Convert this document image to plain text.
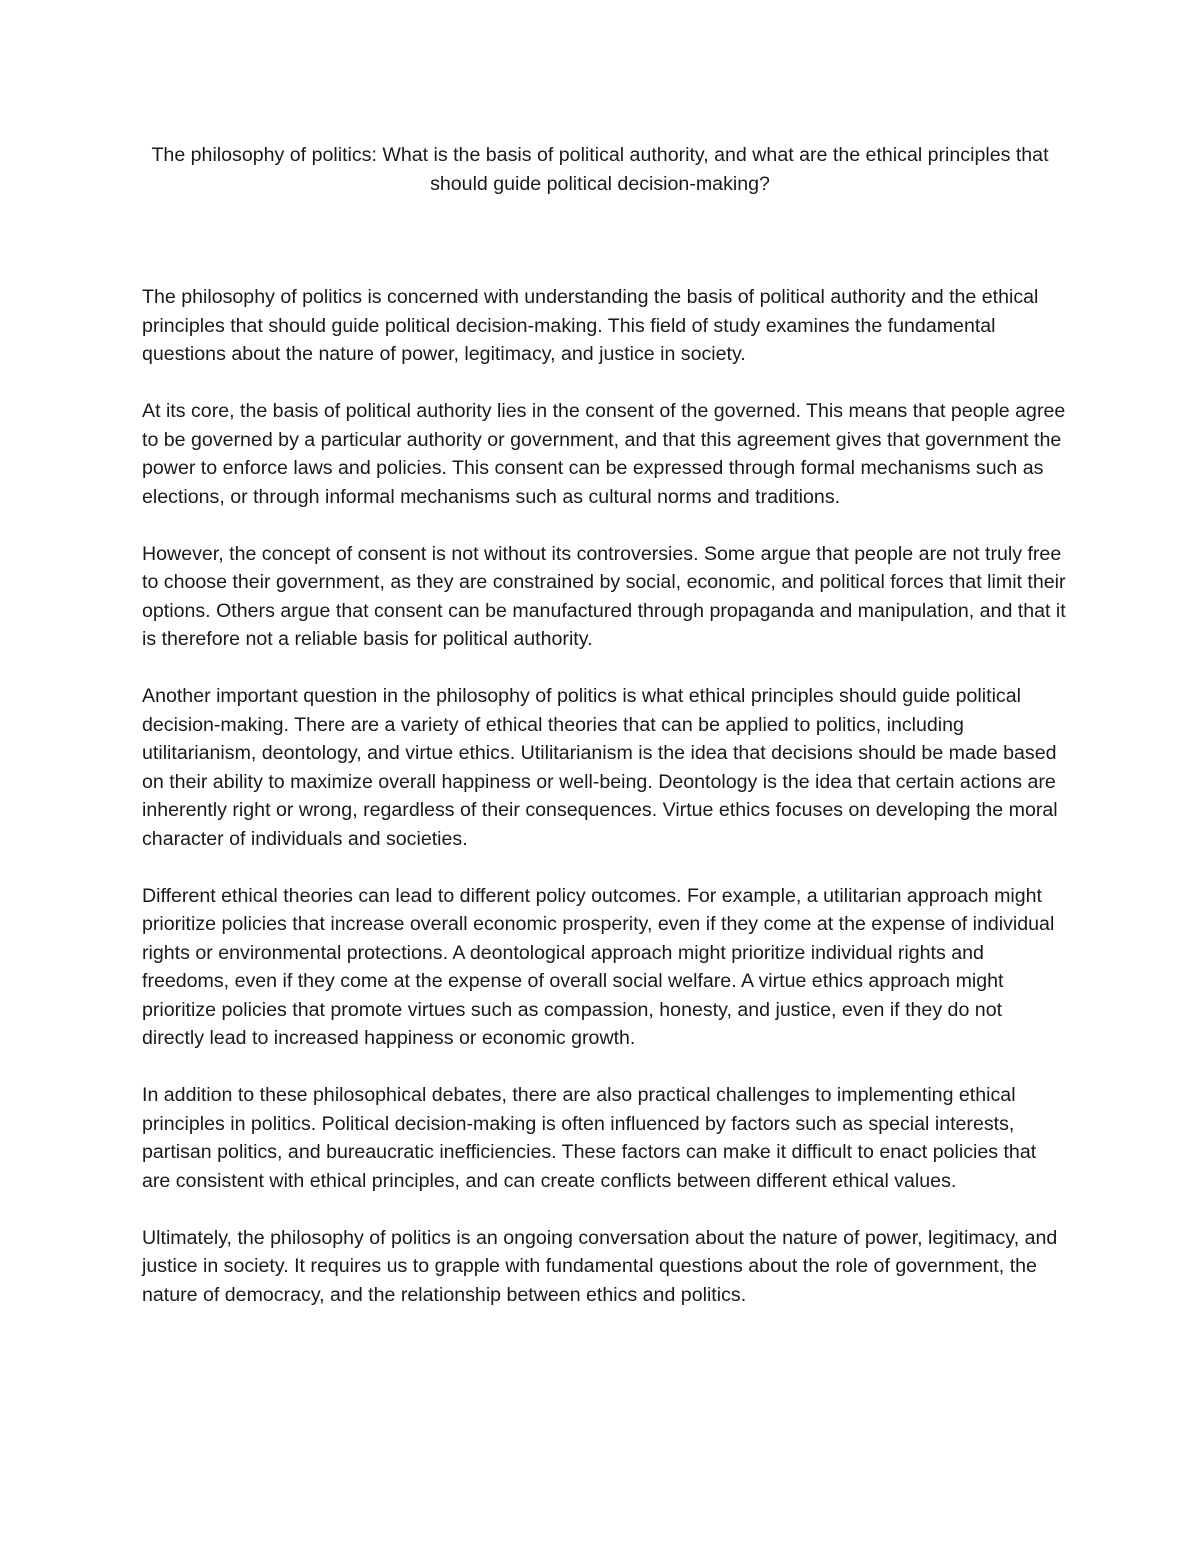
The philosophy of politics: What is the basis of political authority, and what are the ethical principles that should guide political decision-making?

The philosophy of politics is concerned with understanding the basis of political authority and the ethical principles that should guide political decision-making. This field of study examines the fundamental questions about the nature of power, legitimacy, and justice in society.

At its core, the basis of political authority lies in the consent of the governed. This means that people agree to be governed by a particular authority or government, and that this agreement gives that government the power to enforce laws and policies. This consent can be expressed through formal mechanisms such as elections, or through informal mechanisms such as cultural norms and traditions.

However, the concept of consent is not without its controversies. Some argue that people are not truly free to choose their government, as they are constrained by social, economic, and political forces that limit their options. Others argue that consent can be manufactured through propaganda and manipulation, and that it is therefore not a reliable basis for political authority.

Another important question in the philosophy of politics is what ethical principles should guide political decision-making. There are a variety of ethical theories that can be applied to politics, including utilitarianism, deontology, and virtue ethics. Utilitarianism is the idea that decisions should be made based on their ability to maximize overall happiness or well-being. Deontology is the idea that certain actions are inherently right or wrong, regardless of their consequences. Virtue ethics focuses on developing the moral character of individuals and societies.

Different ethical theories can lead to different policy outcomes. For example, a utilitarian approach might prioritize policies that increase overall economic prosperity, even if they come at the expense of individual rights or environmental protections. A deontological approach might prioritize individual rights and freedoms, even if they come at the expense of overall social welfare. A virtue ethics approach might prioritize policies that promote virtues such as compassion, honesty, and justice, even if they do not directly lead to increased happiness or economic growth.

In addition to these philosophical debates, there are also practical challenges to implementing ethical principles in politics. Political decision-making is often influenced by factors such as special interests, partisan politics, and bureaucratic inefficiencies. These factors can make it difficult to enact policies that are consistent with ethical principles, and can create conflicts between different ethical values.

Ultimately, the philosophy of politics is an ongoing conversation about the nature of power, legitimacy, and justice in society. It requires us to grapple with fundamental questions about the role of government, the nature of democracy, and the relationship between ethics and politics.
